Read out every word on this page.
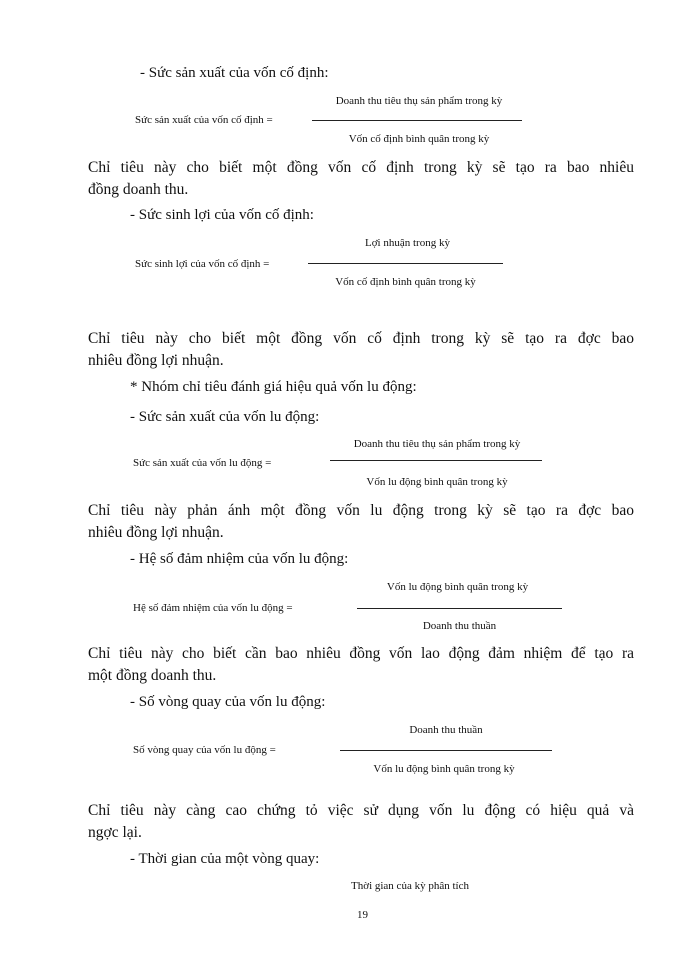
- Sức sản xuất của vốn cố định:
Doanh thu tiêu thụ sản phẩm trong kỳ
Sức sản xuất của vốn cố định =
Vốn cố định bình quân trong kỳ
Chỉ tiêu này cho biết một đồng vốn cố định trong kỳ sẽ tạo ra bao nhiêu
đồng doanh thu.
- Sức sinh lợi của vốn cố định:
Lợi nhuận trong kỳ
Sức sinh lợi của vốn cố định =
Vốn cố định bình quân trong kỳ
Chỉ tiêu này cho biết một đồng vốn cố định trong kỳ sẽ tạo ra đợc bao
nhiêu đồng lợi nhuận.
* Nhóm chỉ tiêu đánh giá hiệu quả vốn lu động:
- Sức sản xuất của vốn lu động:
Doanh thu tiêu thụ sản phẩm trong kỳ
Sức sản xuất của vốn lu động =
Vốn lu động bình quân trong kỳ
Chỉ tiêu này phản ánh một đồng vốn lu động trong kỳ sẽ tạo ra đợc bao
nhiêu đồng lợi nhuận.
- Hệ số đảm nhiệm của vốn lu động:
Vốn lu động bình quân trong kỳ
Hệ số đảm nhiệm của vốn lu động =
Doanh thu thuần
Chỉ tiêu này cho biết cần bao nhiêu đồng vốn lao động đảm nhiệm để tạo ra
một đồng doanh thu.
- Số vòng quay của vốn lu động:
Doanh thu thuần
Số vòng quay của vốn lu động =
Vốn lu động bình quân trong kỳ
Chỉ tiêu này càng cao chứng tỏ việc sử dụng vốn lu động có hiệu quả và
ngợc lại.
- Thời gian của một vòng quay:
Thời gian của kỳ phân tích
19
